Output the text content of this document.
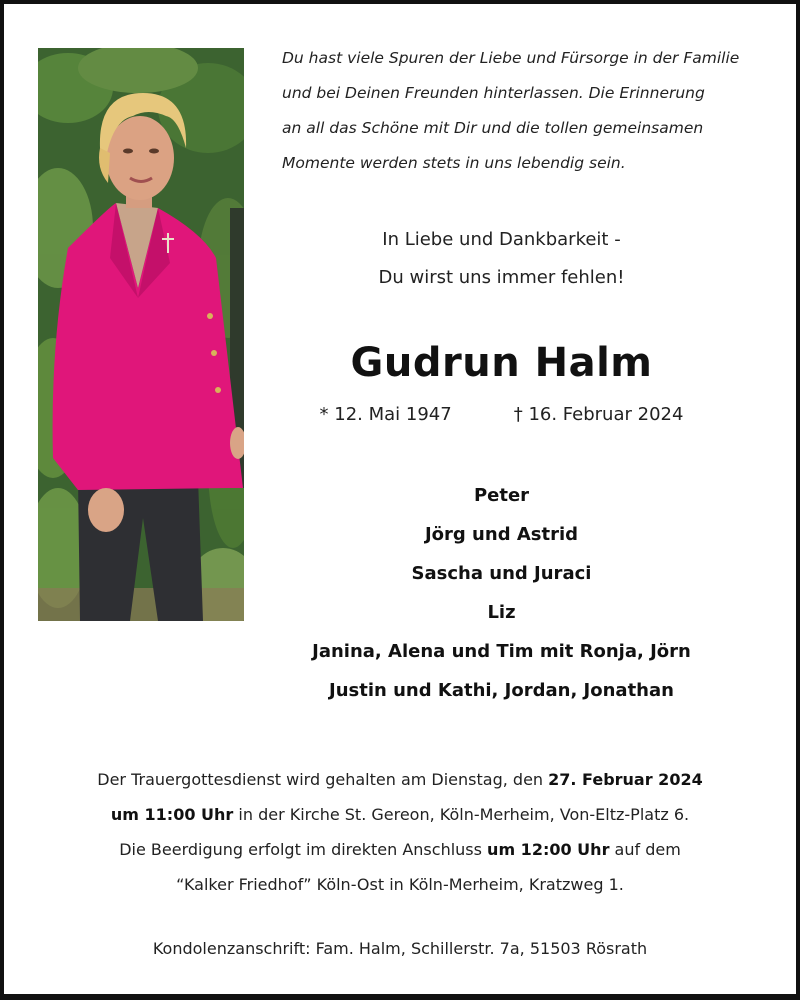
Du hast viele Spuren der Liebe und Fürsorge in der Familie
und bei Deinen Freunden hinterlassen. Die Erinnerung
an all das Schöne mit Dir und die tollen gemeinsamen
Momente werden stets in uns lebendig sein.
In Liebe und Dankbarkeit -
Du wirst uns immer fehlen!
Gudrun Halm
* 12. Mai 1947	† 16. Februar 2024
Peter
Jörg und Astrid
Sascha und Juraci
Liz
Janina, Alena und Tim mit Ronja, Jörn
Justin und Kathi, Jordan, Jonathan
Der Trauergottesdienst wird gehalten am Dienstag, den 27. Februar 2024
um 11:00 Uhr in der Kirche St. Gereon, Köln-Merheim, Von-Eltz-Platz 6.
Die Beerdigung erfolgt im direkten Anschluss um 12:00 Uhr auf dem
“Kalker Friedhof” Köln-Ost in Köln-Merheim, Kratzweg 1.
Kondolenzanschrift: Fam. Halm, Schillerstr. 7a, 51503 Rösrath
